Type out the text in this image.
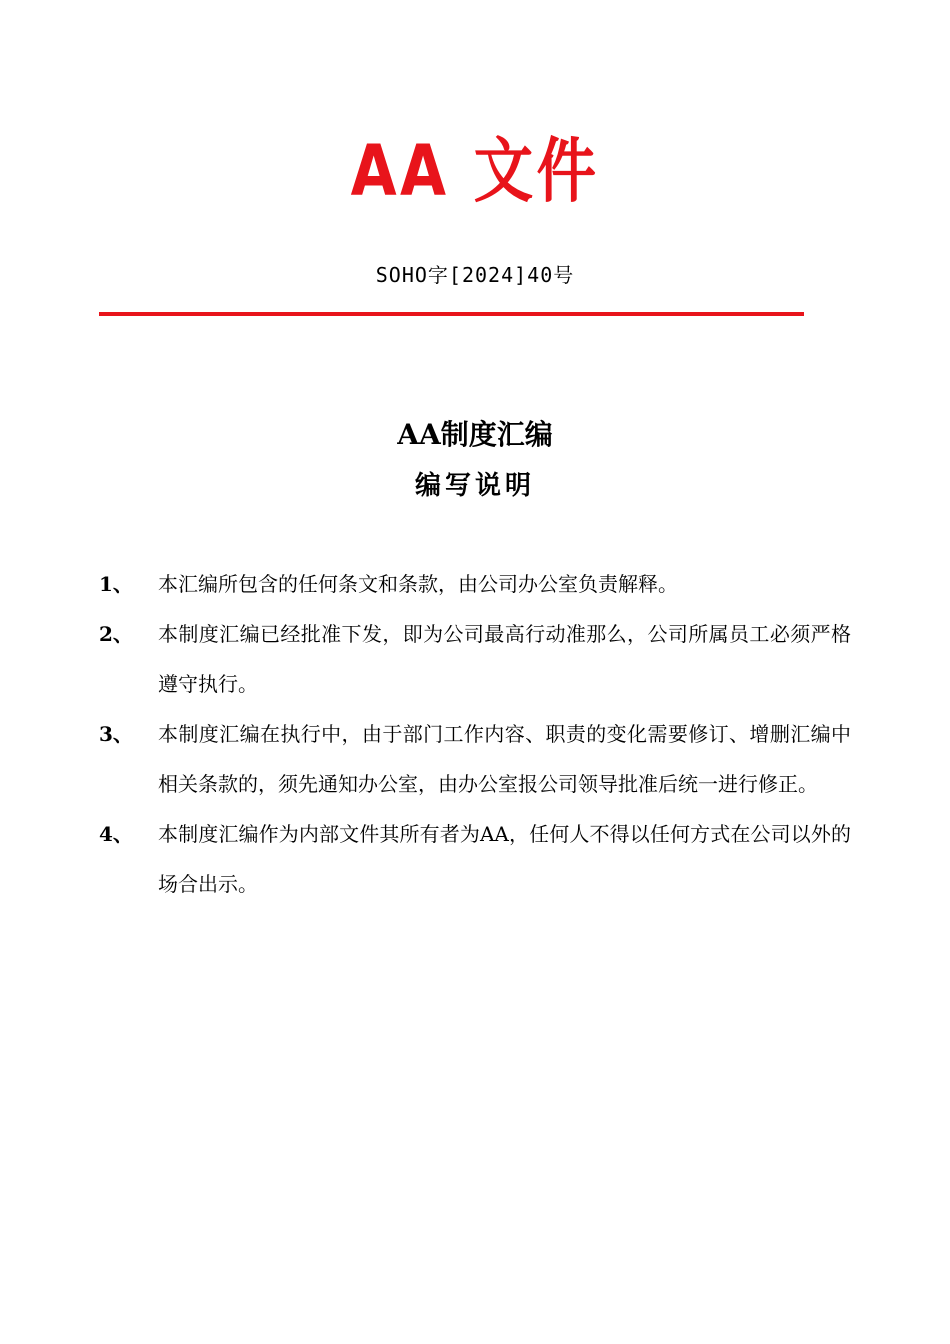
AA 文件
SOHO字[2024]40号
AA制度汇编
编写说明
1、 本汇编所包含的任何条文和条款，由公司办公室负责解释。
2、 本制度汇编已经批准下发，即为公司最高行动准那么，公司所属员工必须严格遵守执行。
3、 本制度汇编在执行中，由于部门工作内容、职责的变化需要修订、增删汇编中相关条款的，须先通知办公室，由办公室报公司领导批准后统一进行修正。
4、 本制度汇编作为内部文件其所有者为AA，任何人不得以任何方式在公司以外的场合出示。
